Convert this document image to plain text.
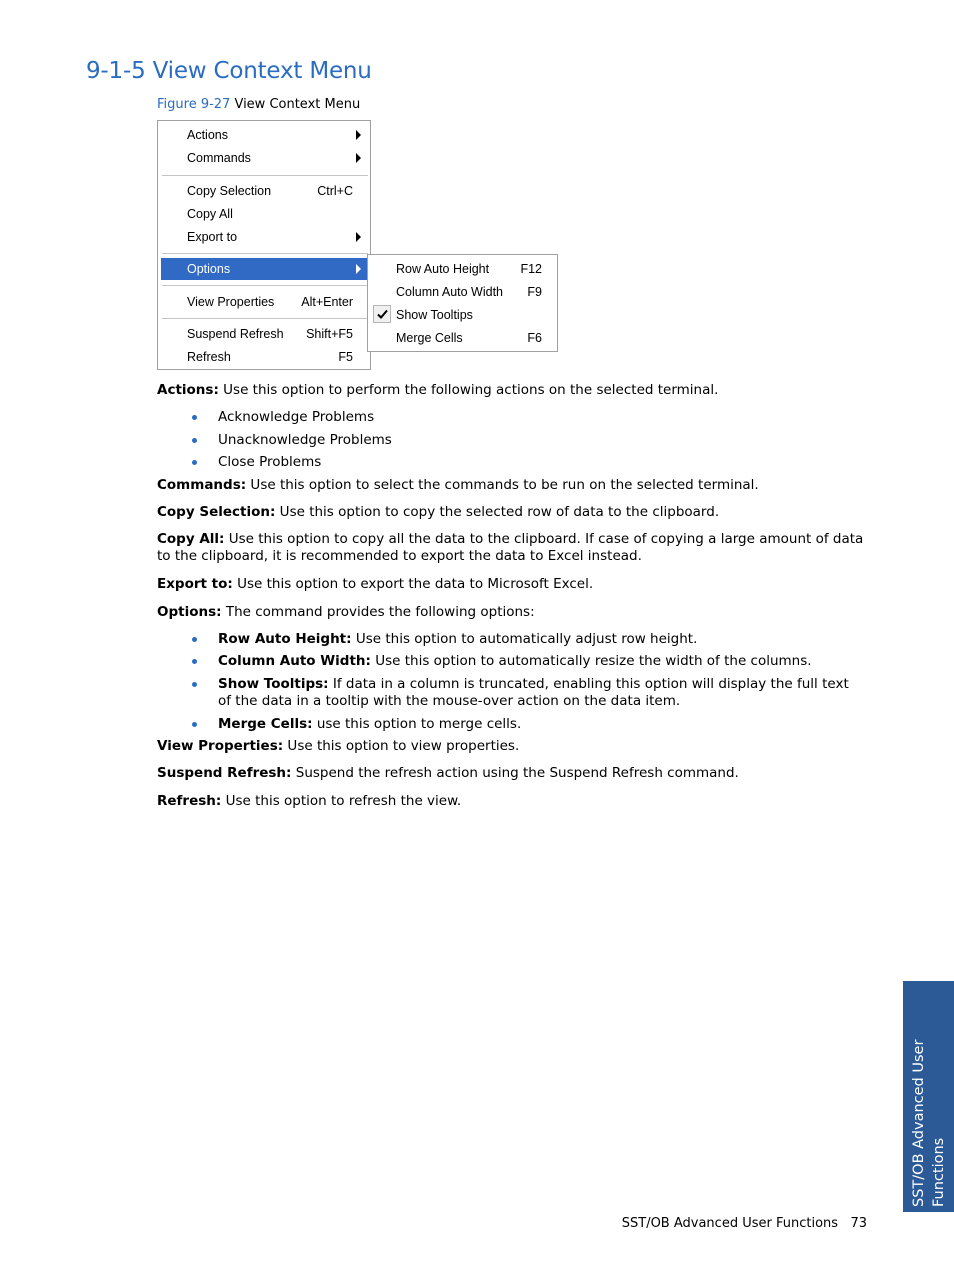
9-1-5 View Context Menu
Figure 9-27 View Context Menu
Actions
Commands
Copy Selection	Ctrl+C
Copy All
Export to
Options
View Properties Alt+Enter
Suspend Refresh Shift+F5
Refresh	F5
Row Auto Height	F12
Column Auto Width F9
Show Tooltips
Merge Cells	F6

Actions: Use this option to perform the following actions on the selected terminal.

Acknowledge Problems
Unacknowledge Problems
Close Problems

Commands: Use this option to select the commands to be run on the selected terminal.

Copy Selection: Use this option to copy the selected row of data to the clipboard.

Copy All: Use this option to copy all the data to the clipboard. If case of copying a large amount of data to the clipboard, it is recommended to export the data to Excel instead.

Export to: Use this option to export the data to Microsoft Excel.

Options: The command provides the following options:

Row Auto Height: Use this option to automatically adjust row height.
Column Auto Width: Use this option to automatically resize the width of the columns.
Show Tooltips: If data in a column is truncated, enabling this option will display the full text of the data in a tooltip with the mouse-over action on the data item.
Merge Cells: use this option to merge cells.

View Properties: Use this option to view properties.

Suspend Refresh: Suspend the refresh action using the Suspend Refresh command.

Refresh: Use this option to refresh the view.

SST/OB Advanced User Functions
SST/OB Advanced User Functions 73
